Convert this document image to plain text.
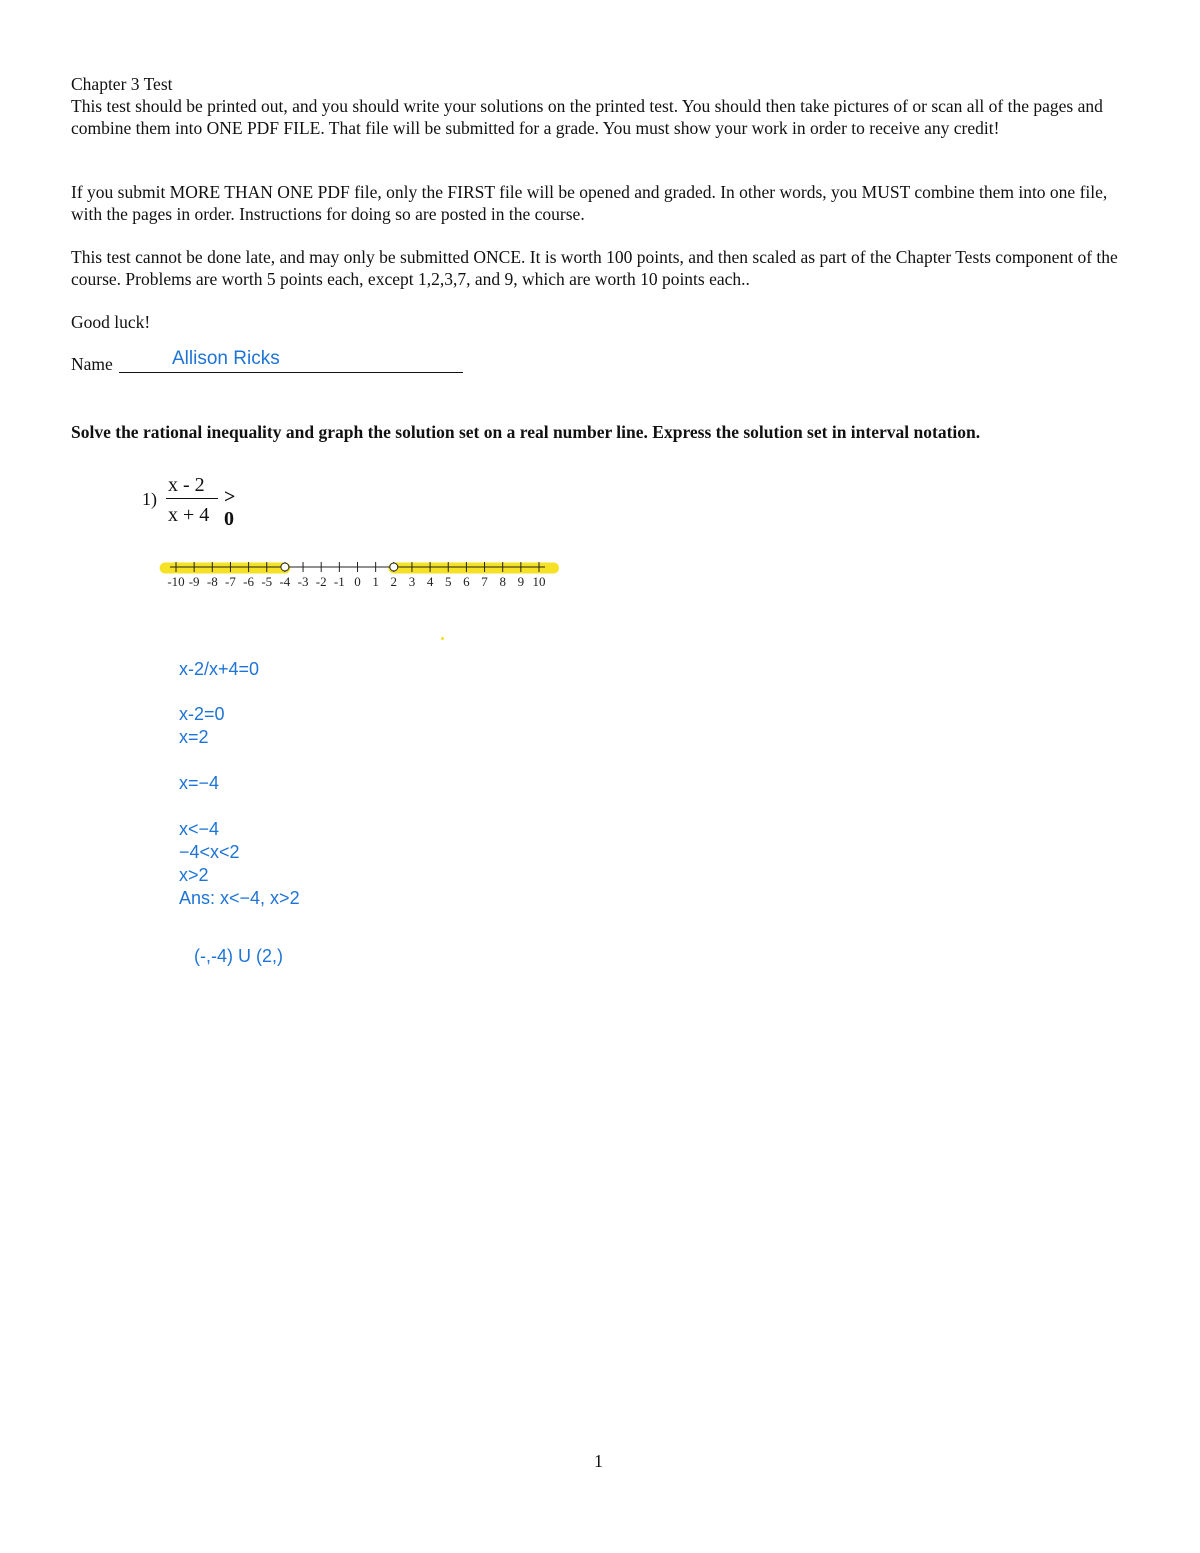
Chapter 3 Test

This test should be printed out, and you should write your solutions on the printed test. You should then take pictures of or scan all of the pages and combine them into ONE PDF FILE. That file will be submitted for a grade. You must show your work in order to receive any credit!

If you submit MORE THAN ONE PDF file, only the FIRST file will be opened and graded. In other words, you MUST combine them into one file, with the pages in order. Instructions for doing so are posted in the course.

This test cannot be done late, and may only be submitted ONCE. It is worth 100 points, and then scaled as part of the Chapter Tests component of the course. Problems are worth 5 points each, except 1,2,3,7, and 9, which are worth 10 points each..

Good luck!
Name	Allison Ricks

Solve the rational inequality and graph the solution set on a real number line. Express the solution set in interval notation.

1)
x - 2
x + 4
> 0
-10 -9 -8 -7 -6 -5 -4 -3 -2 -1 0 1 2 3 4 5 6 7 8 9 10
x-2/x+4=0
x-2=0
x=2
x=−4
x<−4
−4<x<2
x>2
Ans: x<−4, x>2
(-,-4) U (2,)
1
